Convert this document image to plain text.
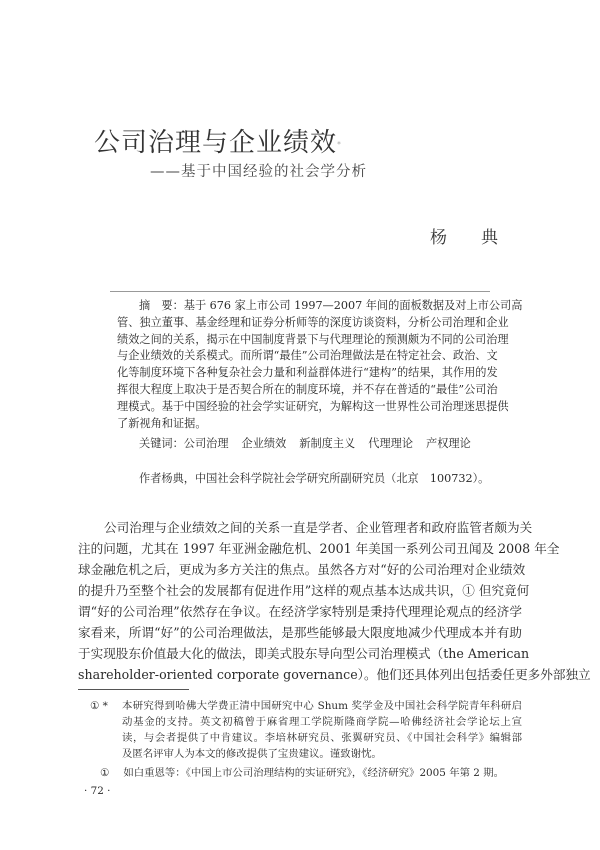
公司治理与企业绩效*
——基于中国经验的社会学分析
杨典
摘　要：基于 676 家上市公司 1997—2007 年间的面板数据及对上市公司高
管、独立董事、基金经理和证券分析师等的深度访谈资料，分析公司治理和企业
绩效之间的关系，揭示在中国制度背景下与代理理论的预测颇为不同的公司治理
与企业绩效的关系模式。而所谓“最佳”公司治理做法是在特定社会、政治、文
化等制度环境下各种复杂社会力量和利益群体进行“建构”的结果，其作用的发
挥很大程度上取决于是否契合所在的制度环境，并不存在普适的“最佳”公司治
理模式。基于中国经验的社会学实证研究，为解构这一世界性公司治理迷思提供
了新视角和证据。
关键词：公司治理 企业绩效 新制度主义 代理理论 产权理论
作者杨典，中国社会科学院社会学研究所副研究员（北京　100732）。
公司治理与企业绩效之间的关系一直是学者、企业管理者和政府监管者颇为关
注的问题，尤其在 1997 年亚洲金融危机、2001 年美国一系列公司丑闻及 2008 年全
球金融危机之后，更成为多方关注的焦点。虽然各方对“好的公司治理对企业绩效
的提升乃至整个社会的发展都有促进作用”这样的观点基本达成共识，① 但究竟何
谓“好的公司治理”依然存在争议。在经济学家特别是秉持代理理论观点的经济学
家看来，所谓“好”的公司治理做法，是那些能够最大限度地减少代理成本并有助
于实现股东价值最大化的做法，即美式股东导向型公司治理模式（the American
shareholder-oriented corporate governance）。他们还具体列出包括委任更多外部独立
① * 本研究得到哈佛大学费正清中国研究中心 Shum 奖学金及中国社会科学院青年科研启
动基金的支持。英文初稿曾于麻省理工学院斯隆商学院—哈佛经济社会学论坛上宣
读，与会者提供了中肯建议。李培林研究员、张翼研究员、《中国社会科学》编辑部
及匿名评审人为本文的修改提供了宝贵建议。谨致谢忱。
① 如白重恩等：《中国上市公司治理结构的实证研究》，《经济研究》2005 年第 2 期。
· 72 ·
